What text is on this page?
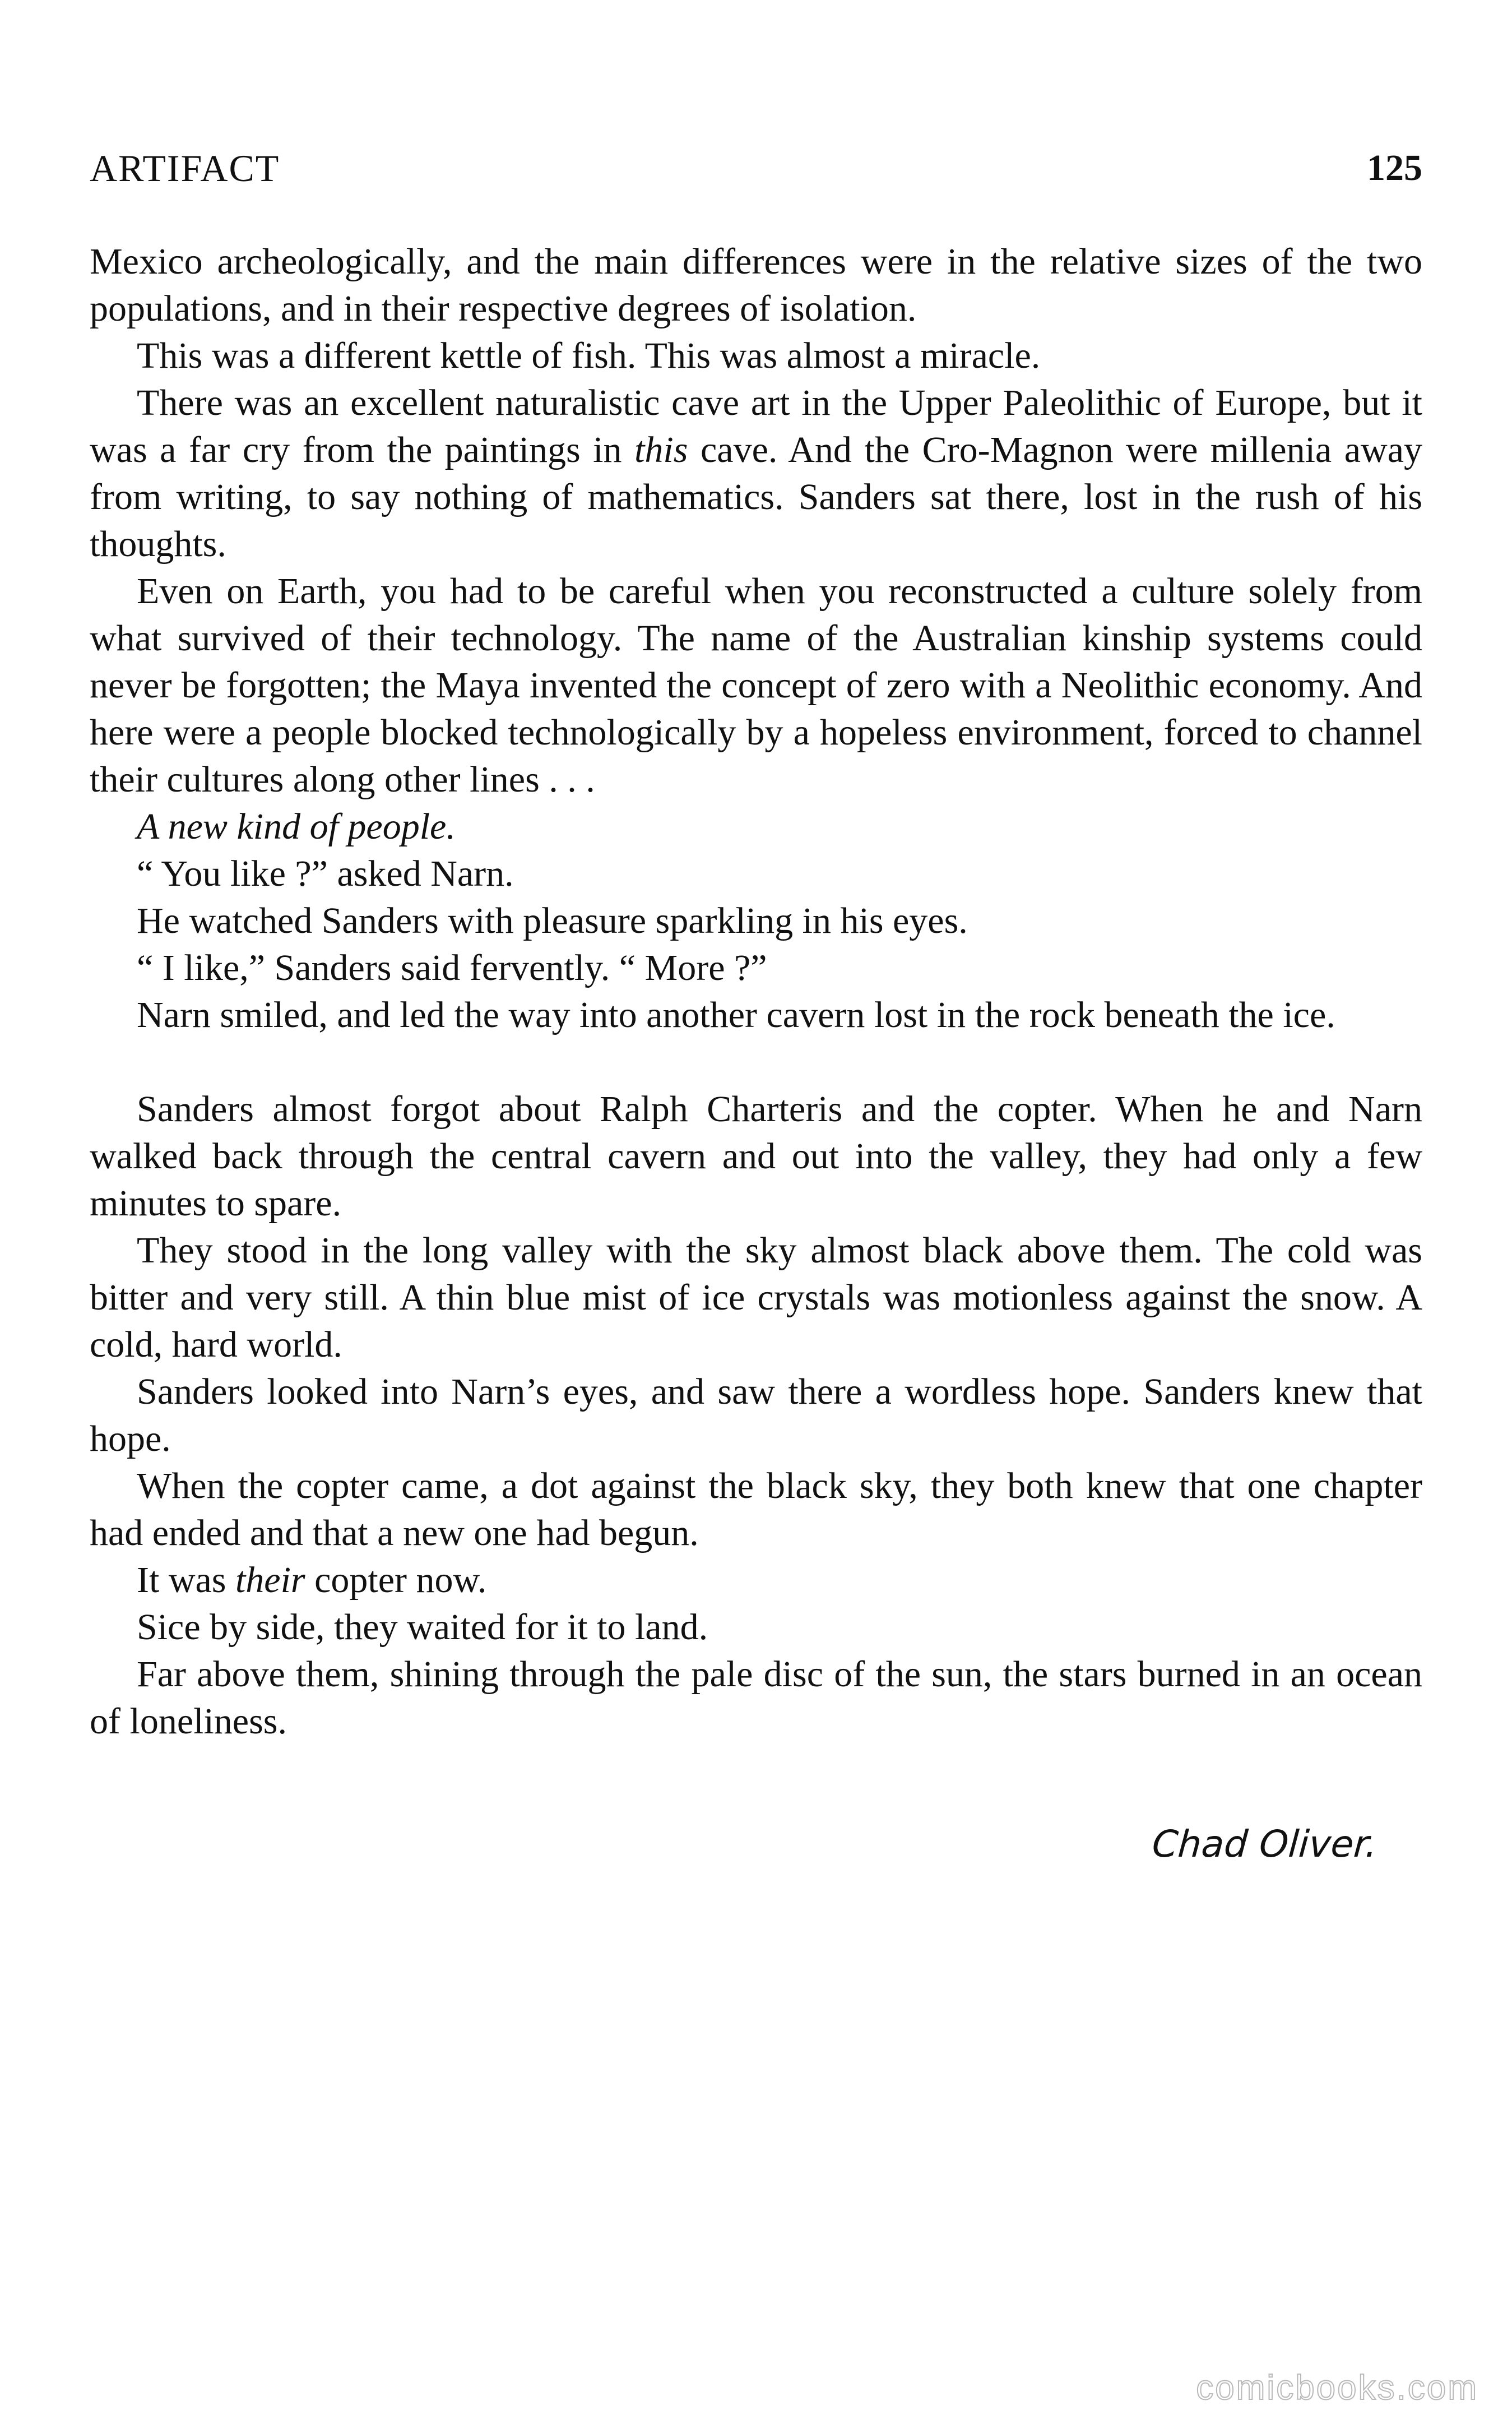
ARTIFACT	125

Mexico archeologically, and the main differences were in the relative sizes of the two populations, and in their respective degrees of isolation.

This was a different kettle of fish. This was almost a miracle.

There was an excellent naturalistic cave art in the Upper Paleolithic of Europe, but it was a far cry from the paintings in this cave. And the Cro-Magnon were millenia away from writing, to say nothing of mathematics. Sanders sat there, lost in the rush of his thoughts.

Even on Earth, you had to be careful when you reconstructed a culture solely from what survived of their technology. The name of the Australian kinship systems could never be forgotten; the Maya invented the concept of zero with a Neolithic economy. And here were a people blocked technologically by a hopeless environment, forced to channel their cultures along other lines . . .

A new kind of people.

“ You like ?” asked Narn.

He watched Sanders with pleasure sparkling in his eyes.

“ I like,” Sanders said fervently. “ More ?”

Narn smiled, and led the way into another cavern lost in the rock beneath the ice.

Sanders almost forgot about Ralph Charteris and the copter. When he and Narn walked back through the central cavern and out into the valley, they had only a few minutes to spare.

They stood in the long valley with the sky almost black above them. The cold was bitter and very still. A thin blue mist of ice crystals was motionless against the snow. A cold, hard world.

Sanders looked into Narn’s eyes, and saw there a wordless hope. Sanders knew that hope.

When the copter came, a dot against the black sky, they both knew that one chapter had ended and that a new one had begun.

It was their copter now.

Sice by side, they waited for it to land.

Far above them, shining through the pale disc of the sun, the stars burned in an ocean of loneliness.

Chad Oliver.
comicbooks.com
